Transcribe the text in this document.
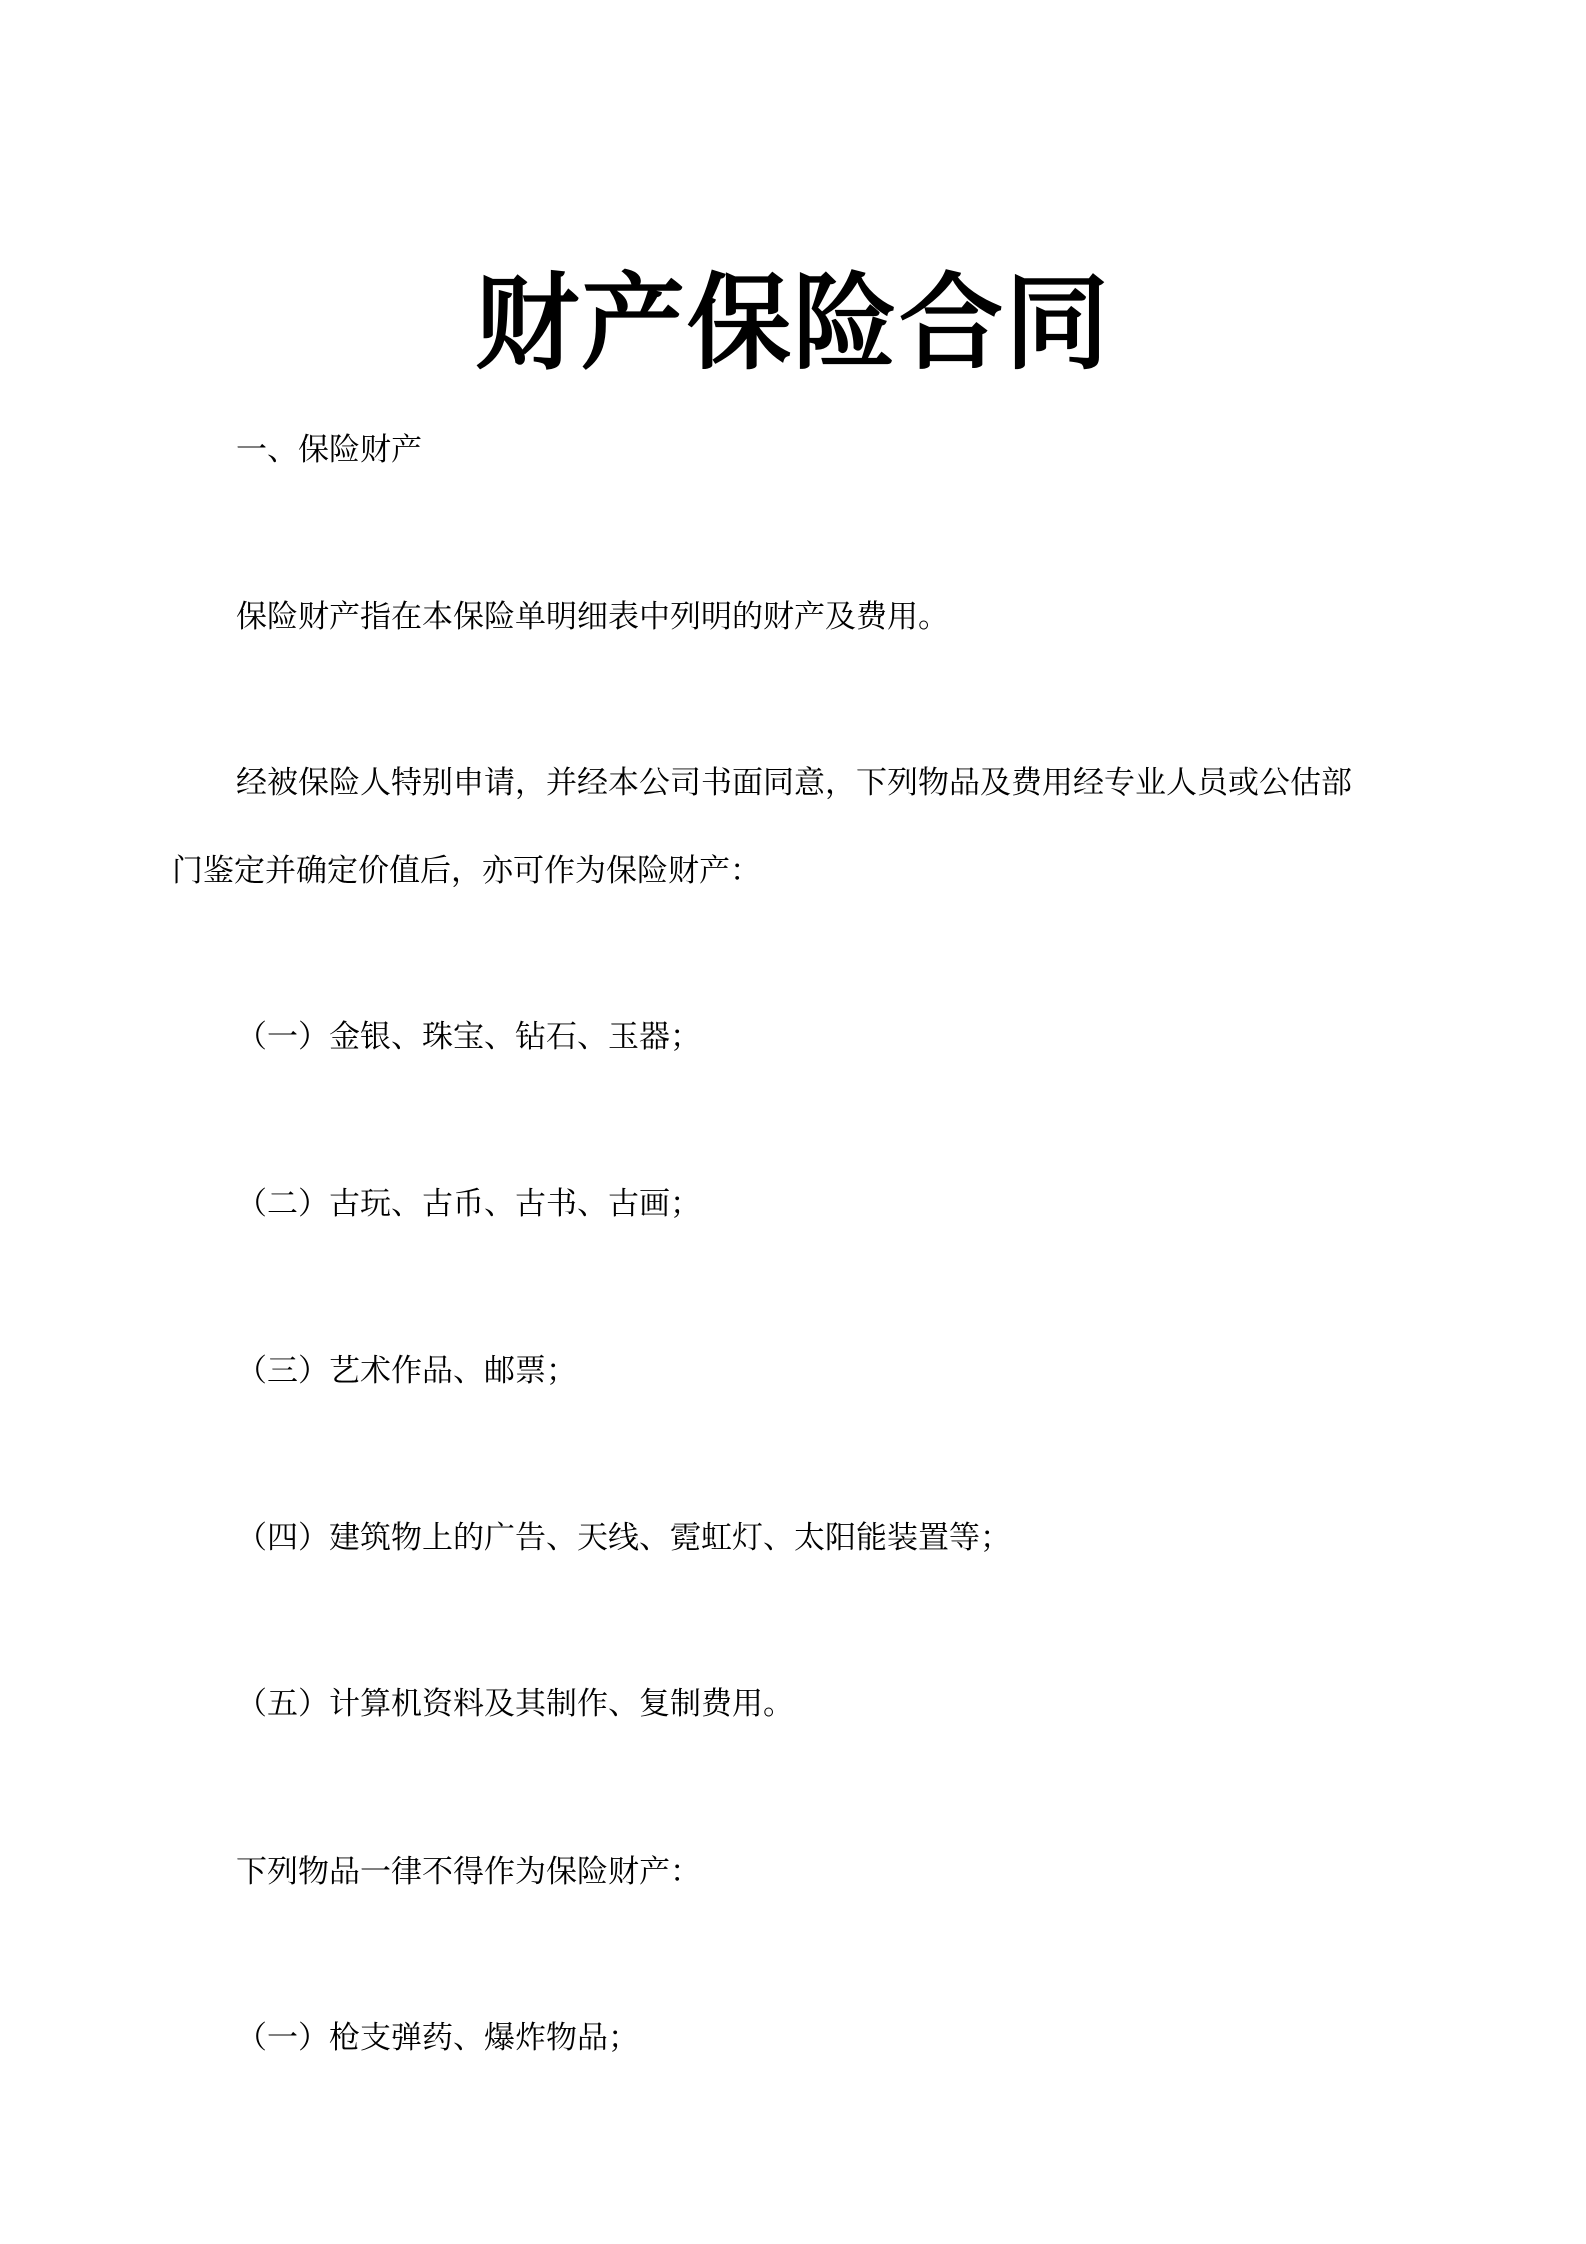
财产保险合同
一、保险财产
保险财产指在本保险单明细表中列明的财产及费用。
经被保险人特别申请，并经本公司书面同意，下列物品及费用经专业人员或公估部
门鉴定并确定价值后，亦可作为保险财产：
（一）金银、珠宝、钻石、玉器；
（二）古玩、古币、古书、古画；
（三）艺术作品、邮票；
（四）建筑物上的广告、天线、霓虹灯、太阳能装置等；
（五）计算机资料及其制作、复制费用。
下列物品一律不得作为保险财产：
（一）枪支弹药、爆炸物品；
